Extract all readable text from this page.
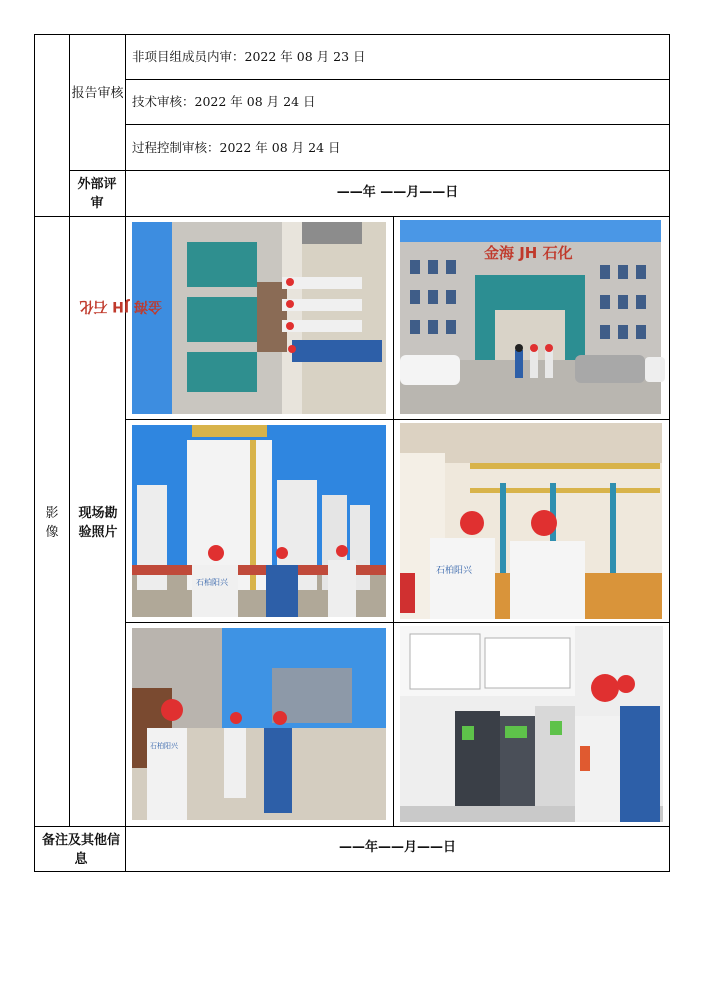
报告审核
非项目组成员内审：2022 年 08 月 23 日
技术审核：2022 年 08 月 24 日
过程控制审核：2022 年 08 月 24 日
外部评审
——年 ——月——日
影像
现场勘验照片
金海 JH 石化
金海 JH 石化
石柏阳兴
石柏阳兴
石柏阳兴
备注及其他信息
——年——月——日
